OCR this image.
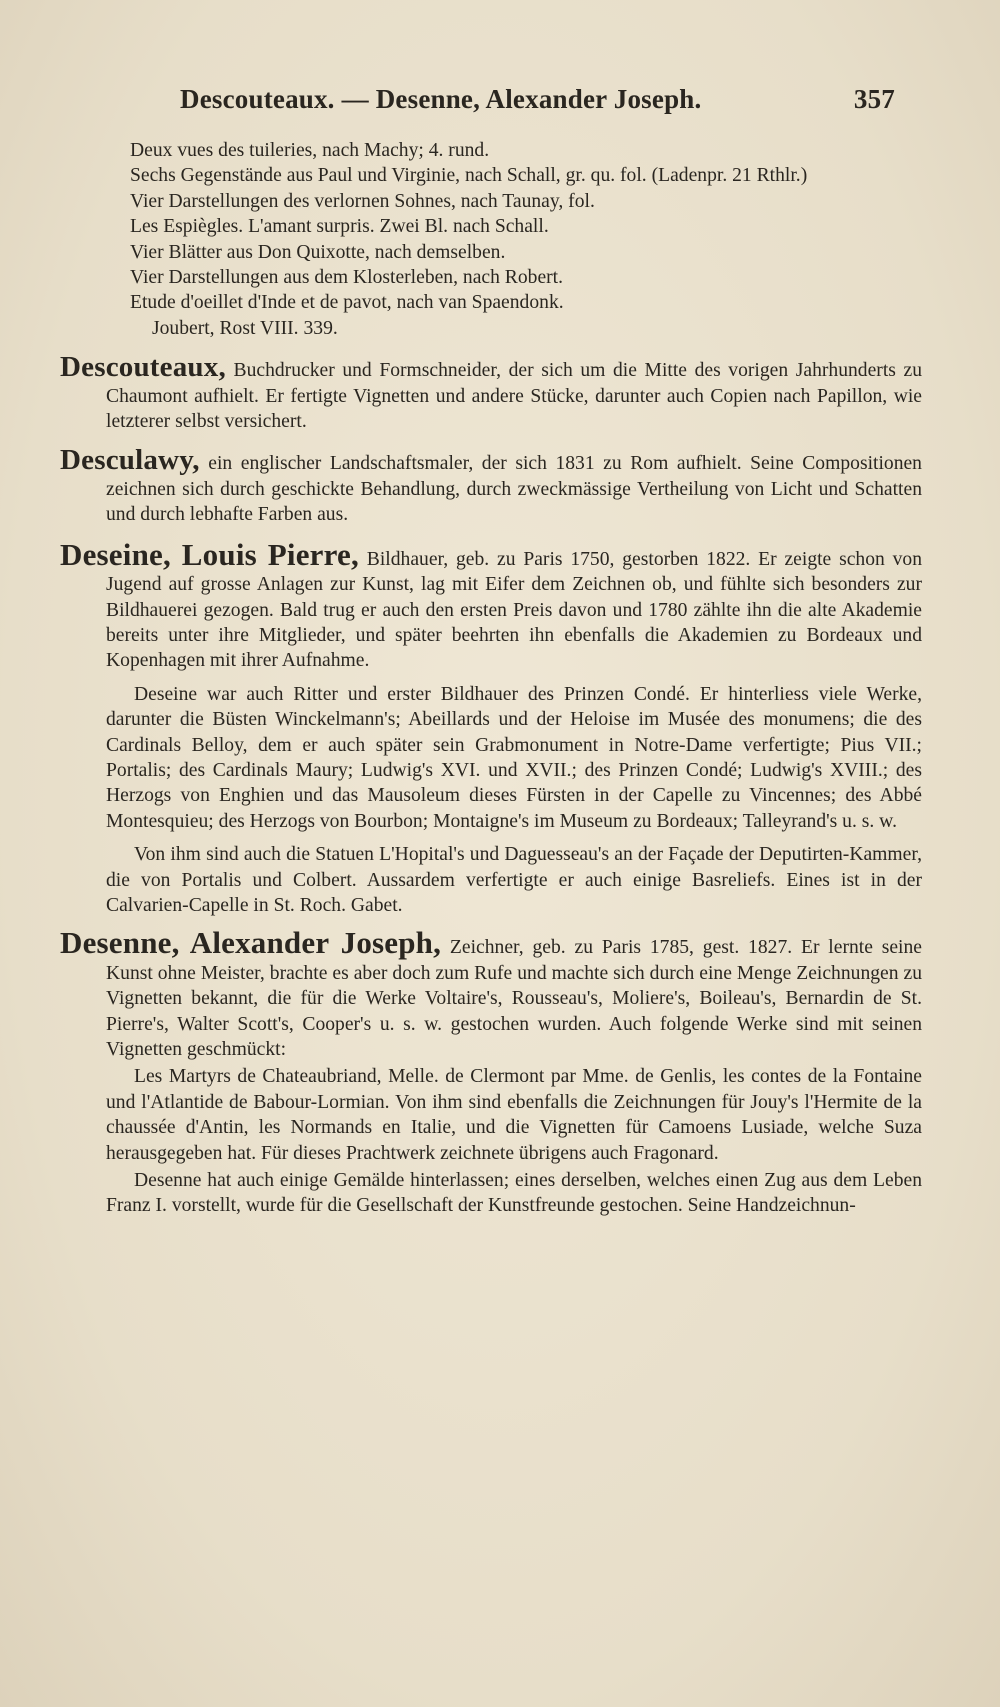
Descouteaux. — Desenne, Alexander Joseph.	357

Deux vues des tuileries, nach Machy; 4. rund.

Sechs Gegenstände aus Paul und Virginie, nach Schall, gr. qu. fol. (Ladenpr. 21 Rthlr.)

Vier Darstellungen des verlornen Sohnes, nach Taunay, fol.

Les Espiègles. L'amant surpris. Zwei Bl. nach Schall.

Vier Blätter aus Don Quixotte, nach demselben.

Vier Darstellungen aus dem Klosterleben, nach Robert.

Etude d'oeillet d'Inde et de pavot, nach van Spaendonk.

Joubert, Rost VIII. 339.

Descouteaux, Buchdrucker und Formschneider, der sich um die Mitte des vorigen Jahrhunderts zu Chaumont aufhielt. Er fertigte Vignetten und andere Stücke, darunter auch Copien nach Papillon, wie letzterer selbst versichert.

Desculawy, ein englischer Landschaftsmaler, der sich 1831 zu Rom aufhielt. Seine Compositionen zeichnen sich durch geschickte Behandlung, durch zweckmässige Vertheilung von Licht und Schatten und durch lebhafte Farben aus.

Deseine, Louis Pierre, Bildhauer, geb. zu Paris 1750, gestorben 1822. Er zeigte schon von Jugend auf grosse Anlagen zur Kunst, lag mit Eifer dem Zeichnen ob, und fühlte sich besonders zur Bildhauerei gezogen. Bald trug er auch den ersten Preis davon und 1780 zählte ihn die alte Akademie bereits unter ihre Mitglieder, und später beehrten ihn ebenfalls die Akademien zu Bordeaux und Kopenhagen mit ihrer Aufnahme.

Deseine war auch Ritter und erster Bildhauer des Prinzen Condé. Er hinterliess viele Werke, darunter die Büsten Winckelmann's; Abeillards und der Heloise im Musée des monumens; die des Cardinals Belloy, dem er auch später sein Grabmonument in Notre-Dame verfertigte; Pius VII.; Portalis; des Cardinals Maury; Ludwig's XVI. und XVII.; des Prinzen Condé; Ludwig's XVIII.; des Herzogs von Enghien und das Mausoleum dieses Fürsten in der Capelle zu Vincennes; des Abbé Montesquieu; des Herzogs von Bourbon; Montaigne's im Museum zu Bordeaux; Talleyrand's u. s. w.

Von ihm sind auch die Statuen L'Hopital's und Daguesseau's an der Façade der Deputirten-Kammer, die von Portalis und Colbert. Aussardem verfertigte er auch einige Basreliefs. Eines ist in der Calvarien-Capelle in St. Roch. Gabet.

Desenne, Alexander Joseph, Zeichner, geb. zu Paris 1785, gest. 1827. Er lernte seine Kunst ohne Meister, brachte es aber doch zum Rufe und machte sich durch eine Menge Zeichnungen zu Vignetten bekannt, die für die Werke Voltaire's, Rousseau's, Moliere's, Boileau's, Bernardin de St. Pierre's, Walter Scott's, Cooper's u. s. w. gestochen wurden. Auch folgende Werke sind mit seinen Vignetten geschmückt:

Les Martyrs de Chateaubriand, Melle. de Clermont par Mme. de Genlis, les contes de la Fontaine und l'Atlantide de Babour-Lormian. Von ihm sind ebenfalls die Zeichnungen für Jouy's l'Hermite de la chaussée d'Antin, les Normands en Italie, und die Vignetten für Camoens Lusiade, welche Suza herausgegeben hat. Für dieses Prachtwerk zeichnete übrigens auch Fragonard.

Desenne hat auch einige Gemälde hinterlassen; eines derselben, welches einen Zug aus dem Leben Franz I. vorstellt, wurde für die Gesellschaft der Kunstfreunde gestochen. Seine Handzeichnun-
